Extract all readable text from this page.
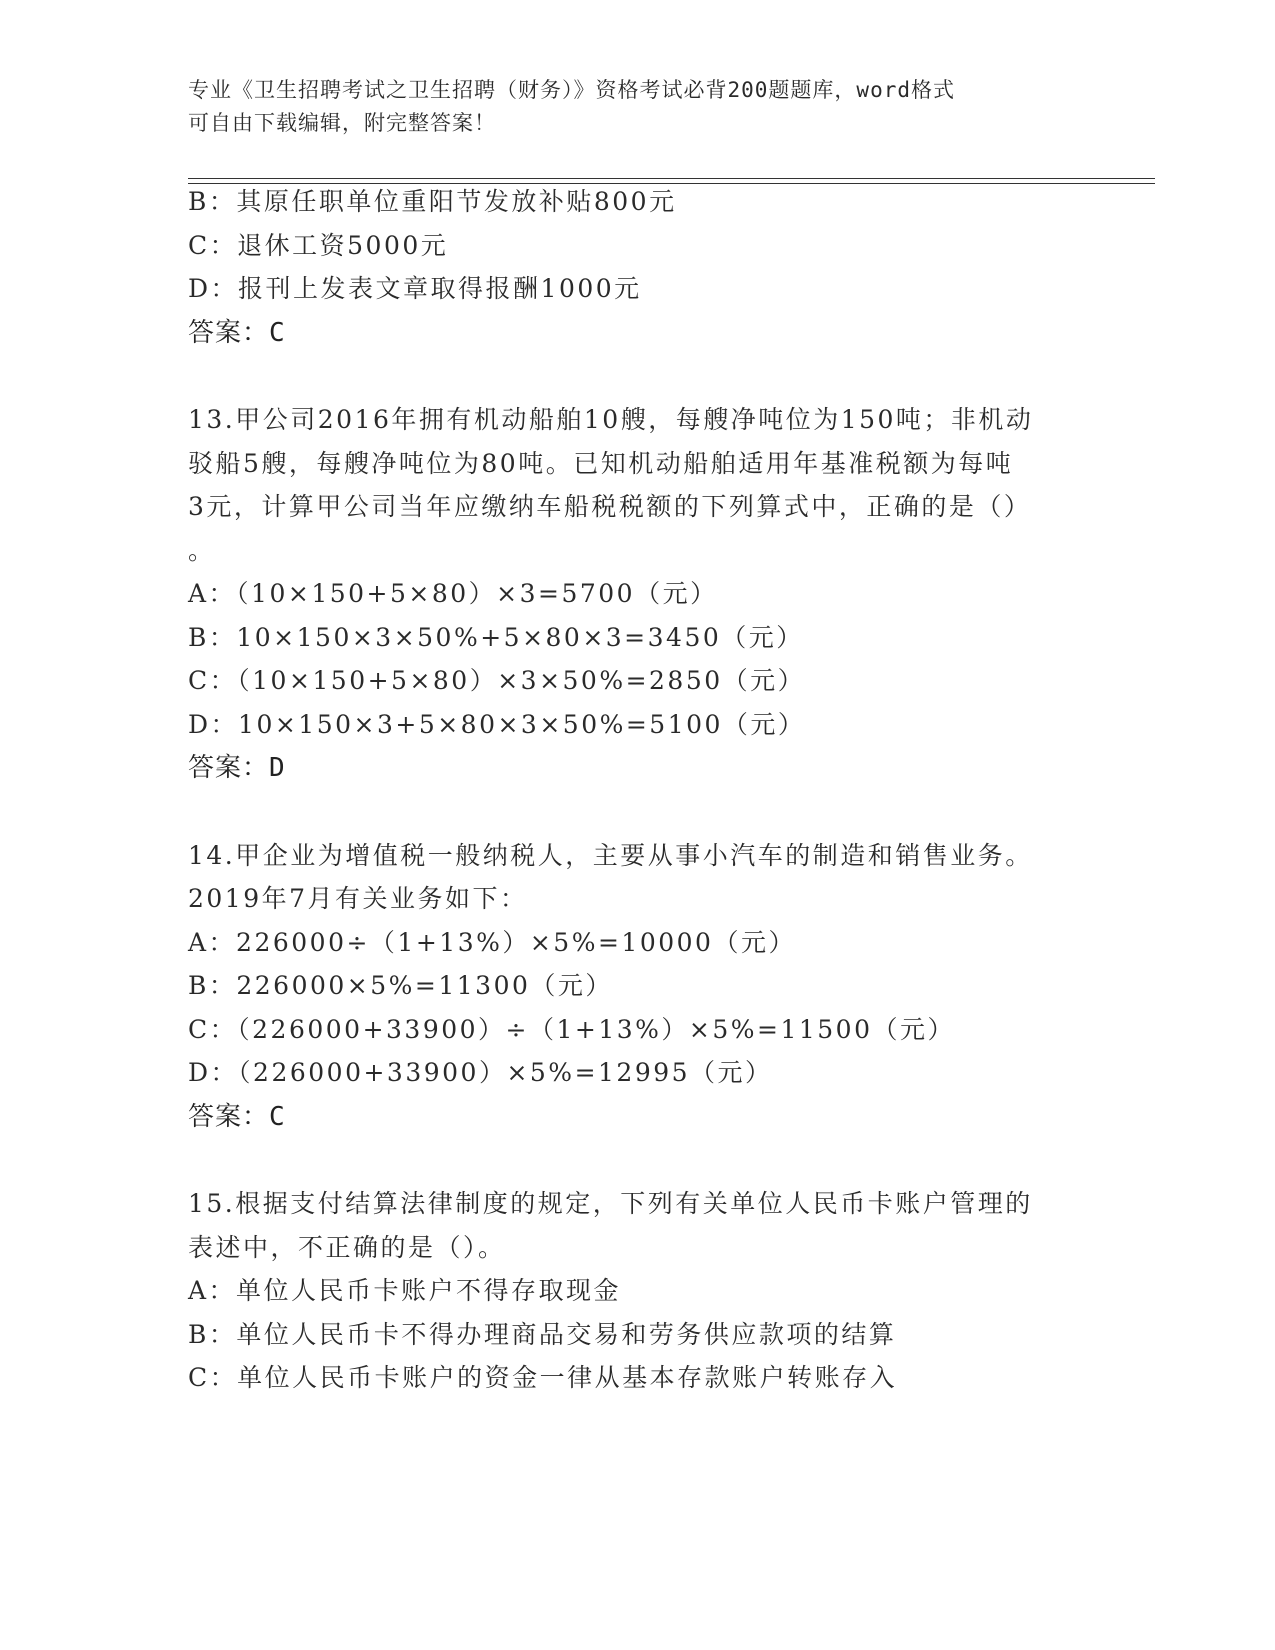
专业《卫生招聘考试之卫生招聘（财务）》资格考试必背200题题库，word格式
可自由下载编辑，附完整答案！
B：其原任职单位重阳节发放补贴800元
C：退休工资5000元
D：报刊上发表文章取得报酬1000元
答案：C
13.甲公司2016年拥有机动船舶10艘，每艘净吨位为150吨；非机动
驳船5艘，每艘净吨位为80吨。已知机动船舶适用年基准税额为每吨
3元，计算甲公司当年应缴纳车船税税额的下列算式中，正确的是（）
。
A：（10×150+5×80）×3=5700（元）
B：10×150×3×50%+5×80×3=3450（元）
C：（10×150+5×80）×3×50%=2850（元）
D：10×150×3+5×80×3×50%=5100（元）
答案：D
14.甲企业为增值税一般纳税人，主要从事小汽车的制造和销售业务。
2019年7月有关业务如下：
A：226000÷（1+13%）×5%=10000（元）
B：226000×5%=11300（元）
C：（226000+33900）÷（1+13%）×5%=11500（元）
D：（226000+33900）×5%=12995（元）
答案：C
15.根据支付结算法律制度的规定，下列有关单位人民币卡账户管理的
表述中，不正确的是（）。
A：单位人民币卡账户不得存取现金
B：单位人民币卡不得办理商品交易和劳务供应款项的结算
C：单位人民币卡账户的资金一律从基本存款账户转账存入
